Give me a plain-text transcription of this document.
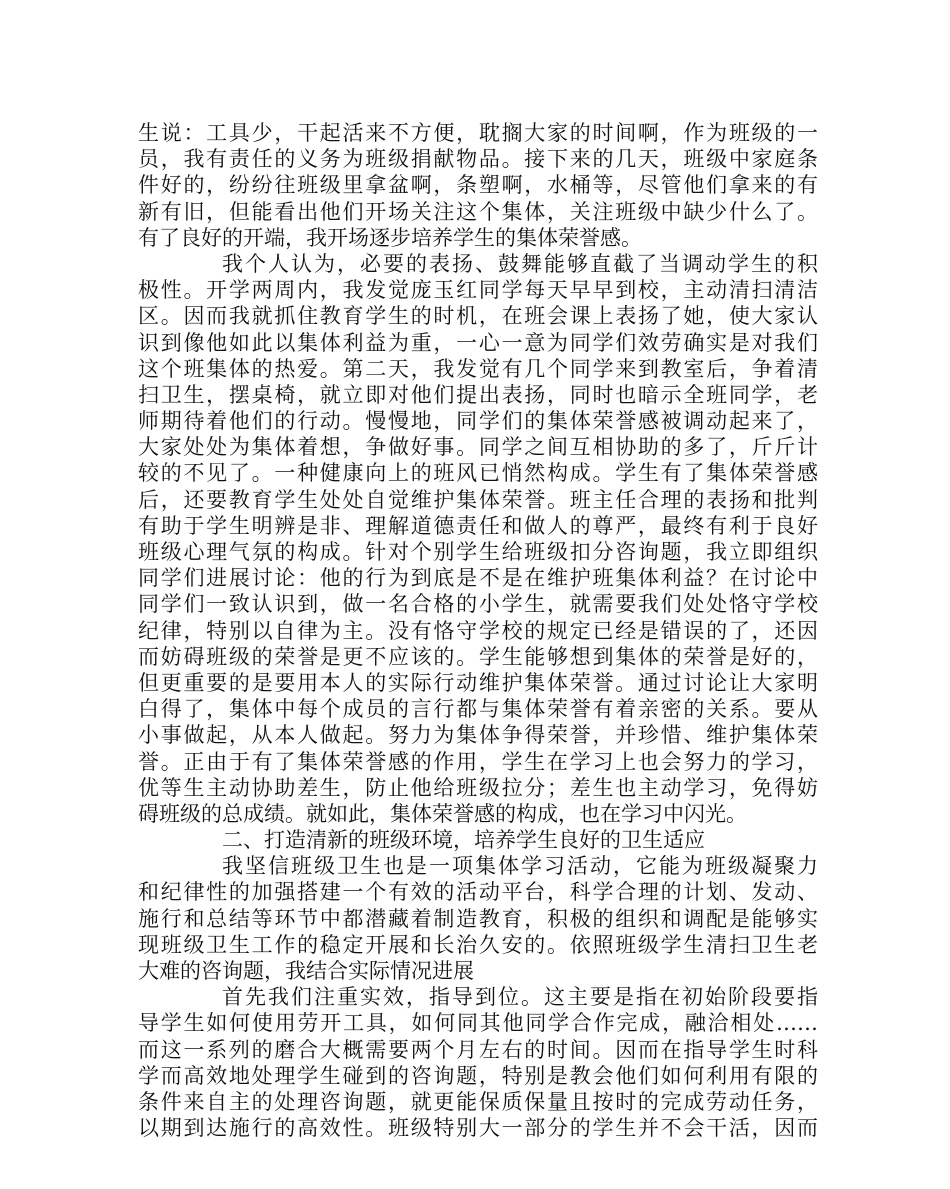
生说：工具少，干起活来不方便，耽搁大家的时间啊，作为班级的一
员，我有责任的义务为班级捐献物品。接下来的几天，班级中家庭条
件好的，纷纷往班级里拿盆啊，条塑啊，水桶等，尽管他们拿来的有
新有旧，但能看出他们开场关注这个集体，关注班级中缺少什么了。
有了良好的开端，我开场逐步培养学生的集体荣誉感。
我个人认为，必要的表扬、鼓舞能够直截了当调动学生的积
极性。开学两周内，我发觉庞玉红同学每天早早到校，主动清扫清洁
区。因而我就抓住教育学生的时机，在班会课上表扬了她，使大家认
识到像他如此以集体利益为重，一心一意为同学们效劳确实是对我们
这个班集体的热爱。第二天，我发觉有几个同学来到教室后，争着清
扫卫生，摆桌椅，就立即对他们提出表扬，同时也暗示全班同学，老
师期待着他们的行动。慢慢地，同学们的集体荣誉感被调动起来了，
大家处处为集体着想，争做好事。同学之间互相协助的多了，斤斤计
较的不见了。一种健康向上的班风已悄然构成。学生有了集体荣誉感
后，还要教育学生处处自觉维护集体荣誉。班主任合理的表扬和批判
有助于学生明辨是非、理解道德责任和做人的尊严，最终有利于良好
班级心理气氛的构成。针对个别学生给班级扣分咨询题，我立即组织
同学们进展讨论：他的行为到底是不是在维护班集体利益？在讨论中
同学们一致认识到，做一名合格的小学生，就需要我们处处恪守学校
纪律，特别以自律为主。没有恪守学校的规定已经是错误的了，还因
而妨碍班级的荣誉是更不应该的。学生能够想到集体的荣誉是好的，
但更重要的是要用本人的实际行动维护集体荣誉。通过讨论让大家明
白得了，集体中每个成员的言行都与集体荣誉有着亲密的关系。要从
小事做起，从本人做起。努力为集体争得荣誉，并珍惜、维护集体荣
誉。正由于有了集体荣誉感的作用，学生在学习上也会努力的学习，
优等生主动协助差生，防止他给班级拉分；差生也主动学习，免得妨
碍班级的总成绩。就如此，集体荣誉感的构成，也在学习中闪光。
二、打造清新的班级环境，培养学生良好的卫生适应
我坚信班级卫生也是一项集体学习活动，它能为班级凝聚力
和纪律性的加强搭建一个有效的活动平台，科学合理的计划、发动、
施行和总结等环节中都潜藏着制造教育，积极的组织和调配是能够实
现班级卫生工作的稳定开展和长治久安的。依照班级学生清扫卫生老
大难的咨询题，我结合实际情况进展
首先我们注重实效，指导到位。这主要是指在初始阶段要指
导学生如何使用劳开工具，如何同其他同学合作完成，融洽相处……
而这一系列的磨合大概需要两个月左右的时间。因而在指导学生时科
学而高效地处理学生碰到的咨询题，特别是教会他们如何利用有限的
条件来自主的处理咨询题，就更能保质保量且按时的完成劳动任务，
以期到达施行的高效性。班级特别大一部分的学生并不会干活，因而
